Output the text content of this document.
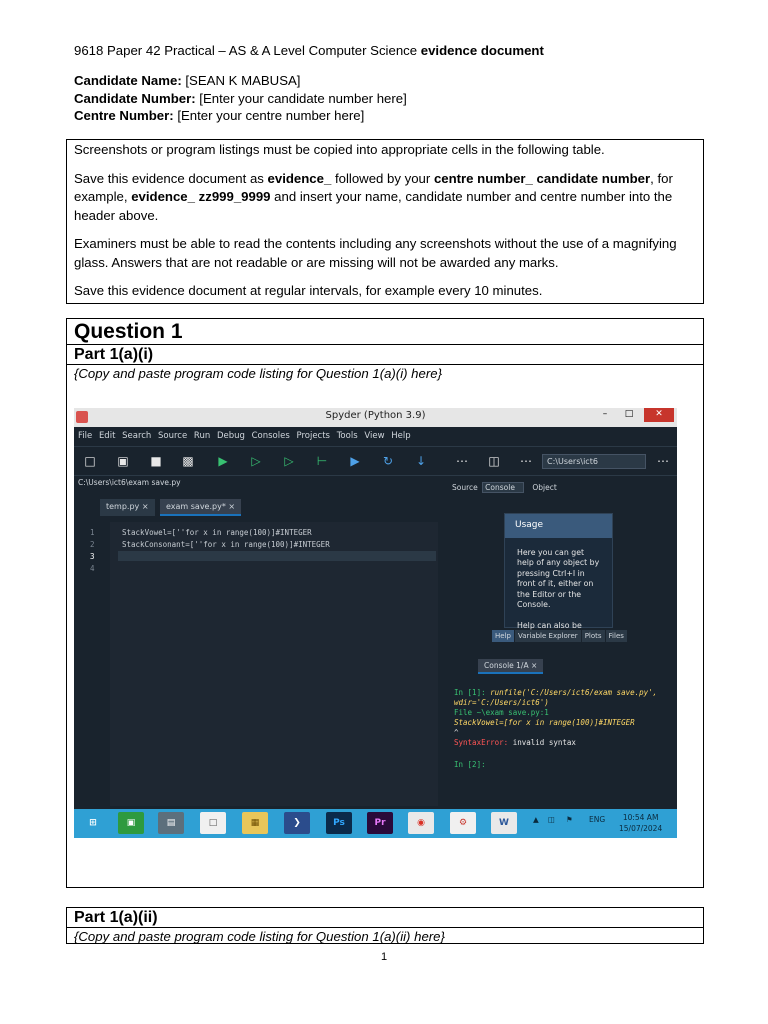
9618 Paper 42 Practical – AS & A Level Computer Science evidence document
Candidate Name: [SEAN K MABUSA]
Candidate Number: [Enter your candidate number here]
Centre Number: [Enter your centre number here]

Screenshots or program listings must be copied into appropriate cells in the following table.

Save this evidence document as evidence_ followed by your centre number_ candidate number, for example, evidence_ zz999_9999 and insert your name, candidate number and centre number into the header above.

Examiners must be able to read the contents including any screenshots without the use of a magnifying glass. Answers that are not readable or are missing will not be awarded any marks.

Save this evidence document at regular intervals, for example every 10 minutes.

Question 1
Part 1(a)(i)
{Copy and paste program code listing for Question 1(a)(i) here}
Spyder (Python 3.9)	–	□	✕
File Edit Search Source Run Debug Consoles Projects Tools View Help
□ ▣ ■ ▩ ▶ ▷ ▷ ⊢ ▶ ↻ ↓ ⋯ ◫ ⋯	C:\Users\ict6	⋯
C:\Users\ict6\exam save.py
temp.py ×	exam save.py* ×
1
2
3
4
StackVowel=[''for x in range(100)]#INTEGER
StackConsonant=[''for x in range(100)]#INTEGER
Source Console Object
Usage
Here you can get help of any object by pressing Ctrl+I in front of it, either on the Editor or the Console.

Help can also be
Help Variable Explorer Plots Files
Console 1/A ×
In [1]: runfile('C:/Users/ict6/exam save.py', wdir='C:/Users/ict6')
File ~\exam save.py:1
StackVowel=[for x in range(100)]#INTEGER
^
SyntaxError: invalid syntax
In [2]:
⊞	▣	▤	□	▦	❯	Ps	Pr	◉	⚙	W	▲ ◫ ⚑ ENG	10:54 AM
15/07/2024
Part 1(a)(ii)
{Copy and paste program code listing for Question 1(a)(ii) here}
1
